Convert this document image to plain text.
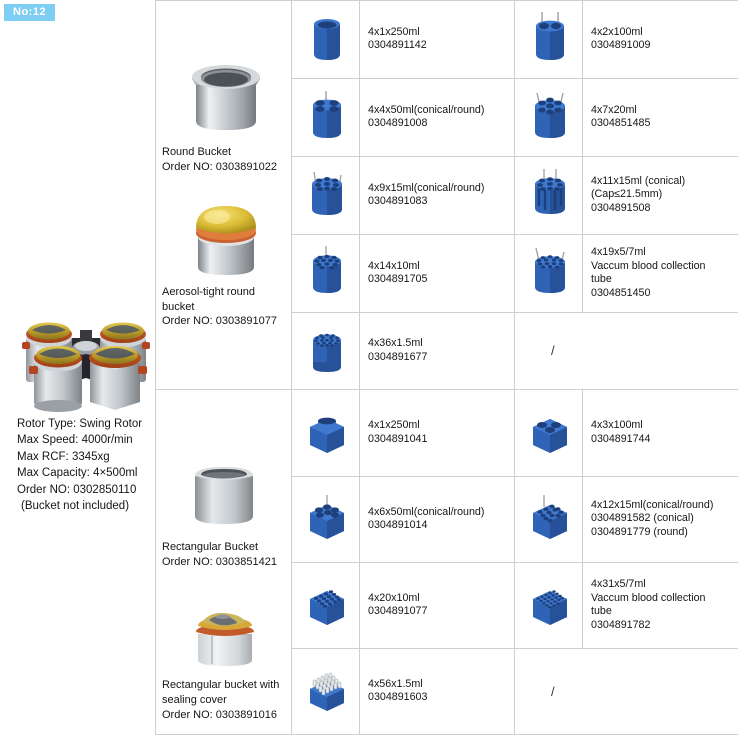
No:12
Rotor Type: Swing Rotor
Max Speed: 4000r/min
Max RCF: 3345xg
Max Capacity: 4×500ml
Order NO: 0302850110
(Bucket not included)
Round Bucket
Order NO: 0303891022
Aerosol-tight round bucket
Order NO: 0303891077
4x1x250ml
0304891142
4x2x100ml
0304891009
4x4x50ml(conical/round)
0304891008
4x7x20ml
0304851485
4x9x15ml(conical/round)
0304891083
4x11x15ml (conical)
(Cap≤21.5mm)
0304891508
4x14x10ml
0304891705
4x19x5/7ml
Vaccum blood collection
tube
0304851450
4x36x1.5ml
0304891677	/
Rectangular Bucket
Order NO: 0303851421
Rectangular bucket with sealing cover
Order NO: 0303891016
4x1x250ml
0304891041
4x3x100ml
0304891744
4x6x50ml(conical/round)
0304891014
4x12x15ml(conical/round)
0304891582 (conical)
0304891779 (round)
4x20x10ml
0304891077
4x31x5/7ml
Vaccum blood collection
tube
0304891782
4x56x1.5ml
0304891603	/
